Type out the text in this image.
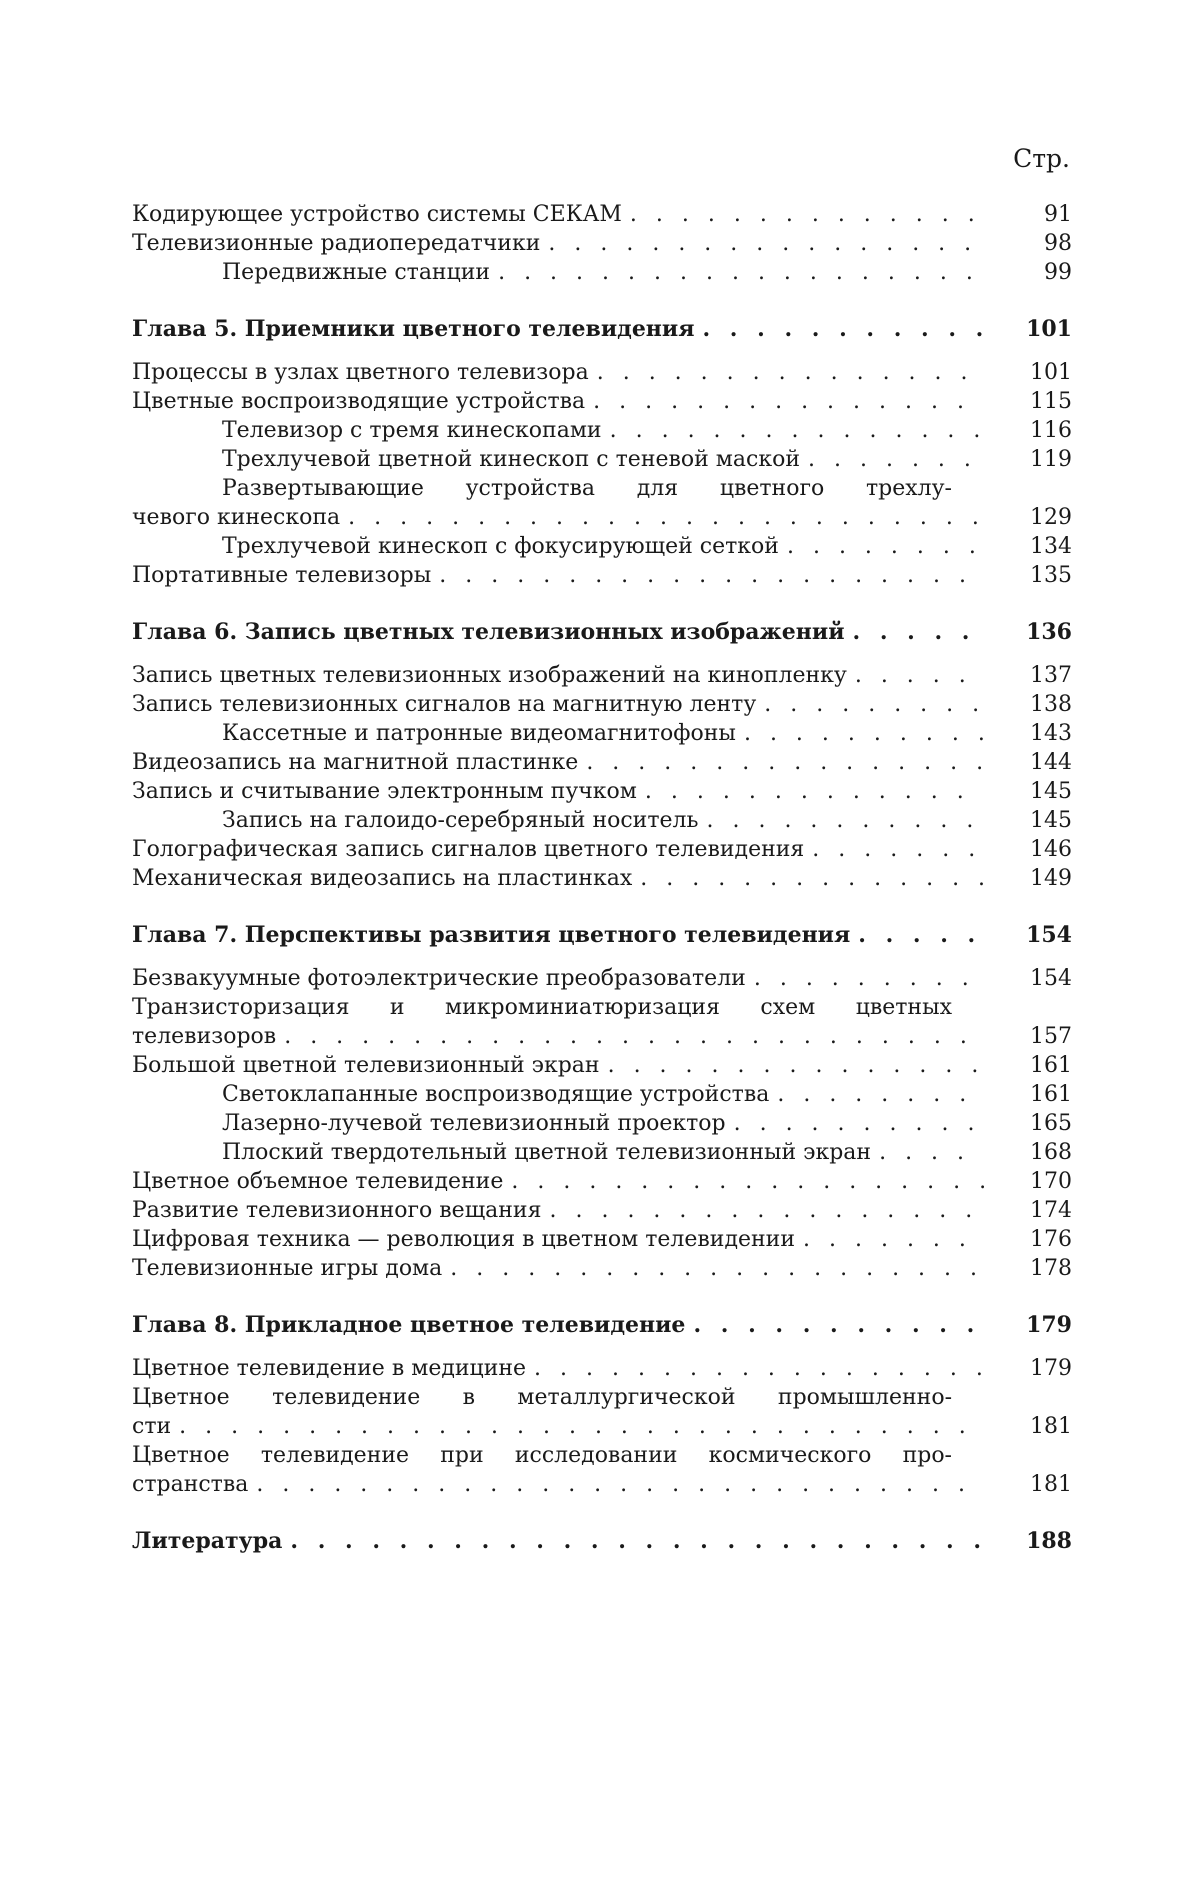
Стр.
Кодирующее устройство системы СЕКАМ
. . .	91
Телевизионные радиопередатчики
. . .	98
Передвижные станции
. . .	99
Глава 5. Приемники цветного телевидения
. . .	101
Процессы в узлах цветного телевизора
. . .	101
Цветные воспроизводящие устройства
. . .	115
Телевизор с тремя кинескопами
. . .	116
Трехлучевой цветной кинескоп с теневой маской
. . .	119
Развертывающие устройства для цветного трехлу-
чевого кинескопа
. . .	129
Трехлучевой кинескоп с фокусирующей сеткой
. . .	134
Портативные телевизоры
. . .	135
Глава 6. Запись цветных телевизионных изображений
. . .	136
Запись цветных телевизионных изображений на кинопленку
. . .	137
Запись телевизионных сигналов на магнитную ленту
. . .	138
Кассетные и патронные видеомагнитофоны
. . .	143
Видеозапись на магнитной пластинке
. . .	144
Запись и считывание электронным пучком
. . .	145
Запись на галоидо-серебряный носитель
. . .	145
Голографическая запись сигналов цветного телевидения
. . .	146
Механическая видеозапись на пластинках
. . .	149
Глава 7. Перспективы развития цветного телевидения
. . .	154
Безвакуумные фотоэлектрические преобразователи
. . .	154
Транзисторизация и микроминиатюризация схем цветных
телевизоров
. . .	157
Большой цветной телевизионный экран
. . .	161
Светоклапанные воспроизводящие устройства
. . .	161
Лазерно-лучевой телевизионный проектор
. . .	165
Плоский твердотельный цветной телевизионный экран
. . .	168
Цветное объемное телевидение
. . .	170
Развитие телевизионного вещания
. . .	174
Цифровая техника — революция в цветном телевидении
. . .	176
Телевизионные игры дома
. . .	178
Глава 8. Прикладное цветное телевидение
. . .	179
Цветное телевидение в медицине
. . .	179
Цветное телевидение в металлургической промышленно-
сти
. . .	181
Цветное телевидение при исследовании космического про-
странства
. . .	181
Литература
. . .	188
